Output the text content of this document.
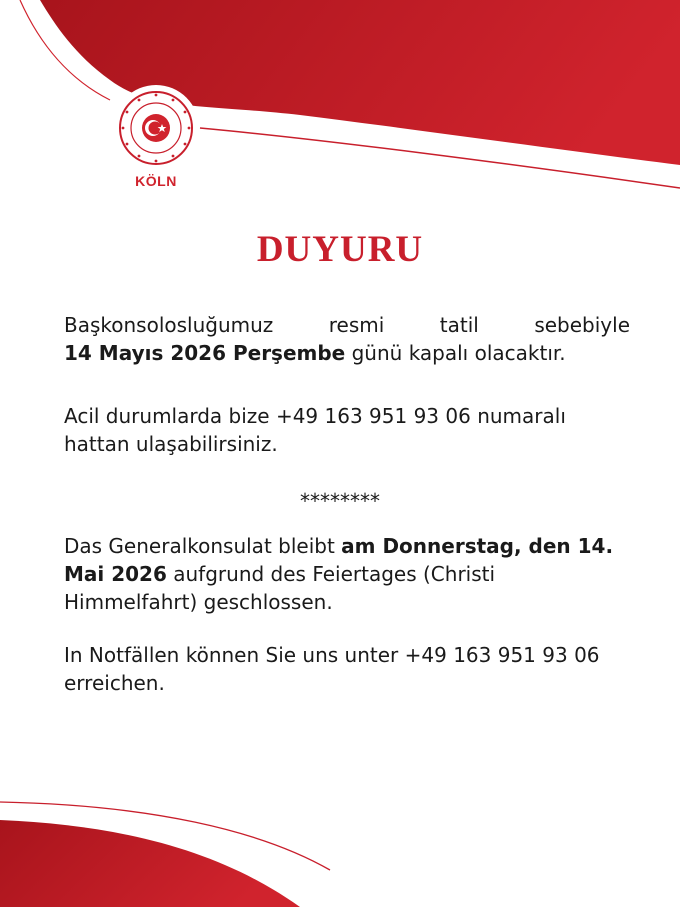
KÖLN
DUYURU
Başkonsolosluğumuz resmi tatil sebebiyle
14 Mayıs 2026 Perşembe günü kapalı olacaktır.
Acil durumlarda bize +49 163 951 93 06 numaralı hattan ulaşabilirsiniz.
********
Das Generalkonsulat bleibt am Donnerstag, den 14. Mai 2026 aufgrund des Feiertages (Christi Himmelfahrt) geschlossen.
In Notfällen können Sie uns unter +49 163 951 93 06 erreichen.
